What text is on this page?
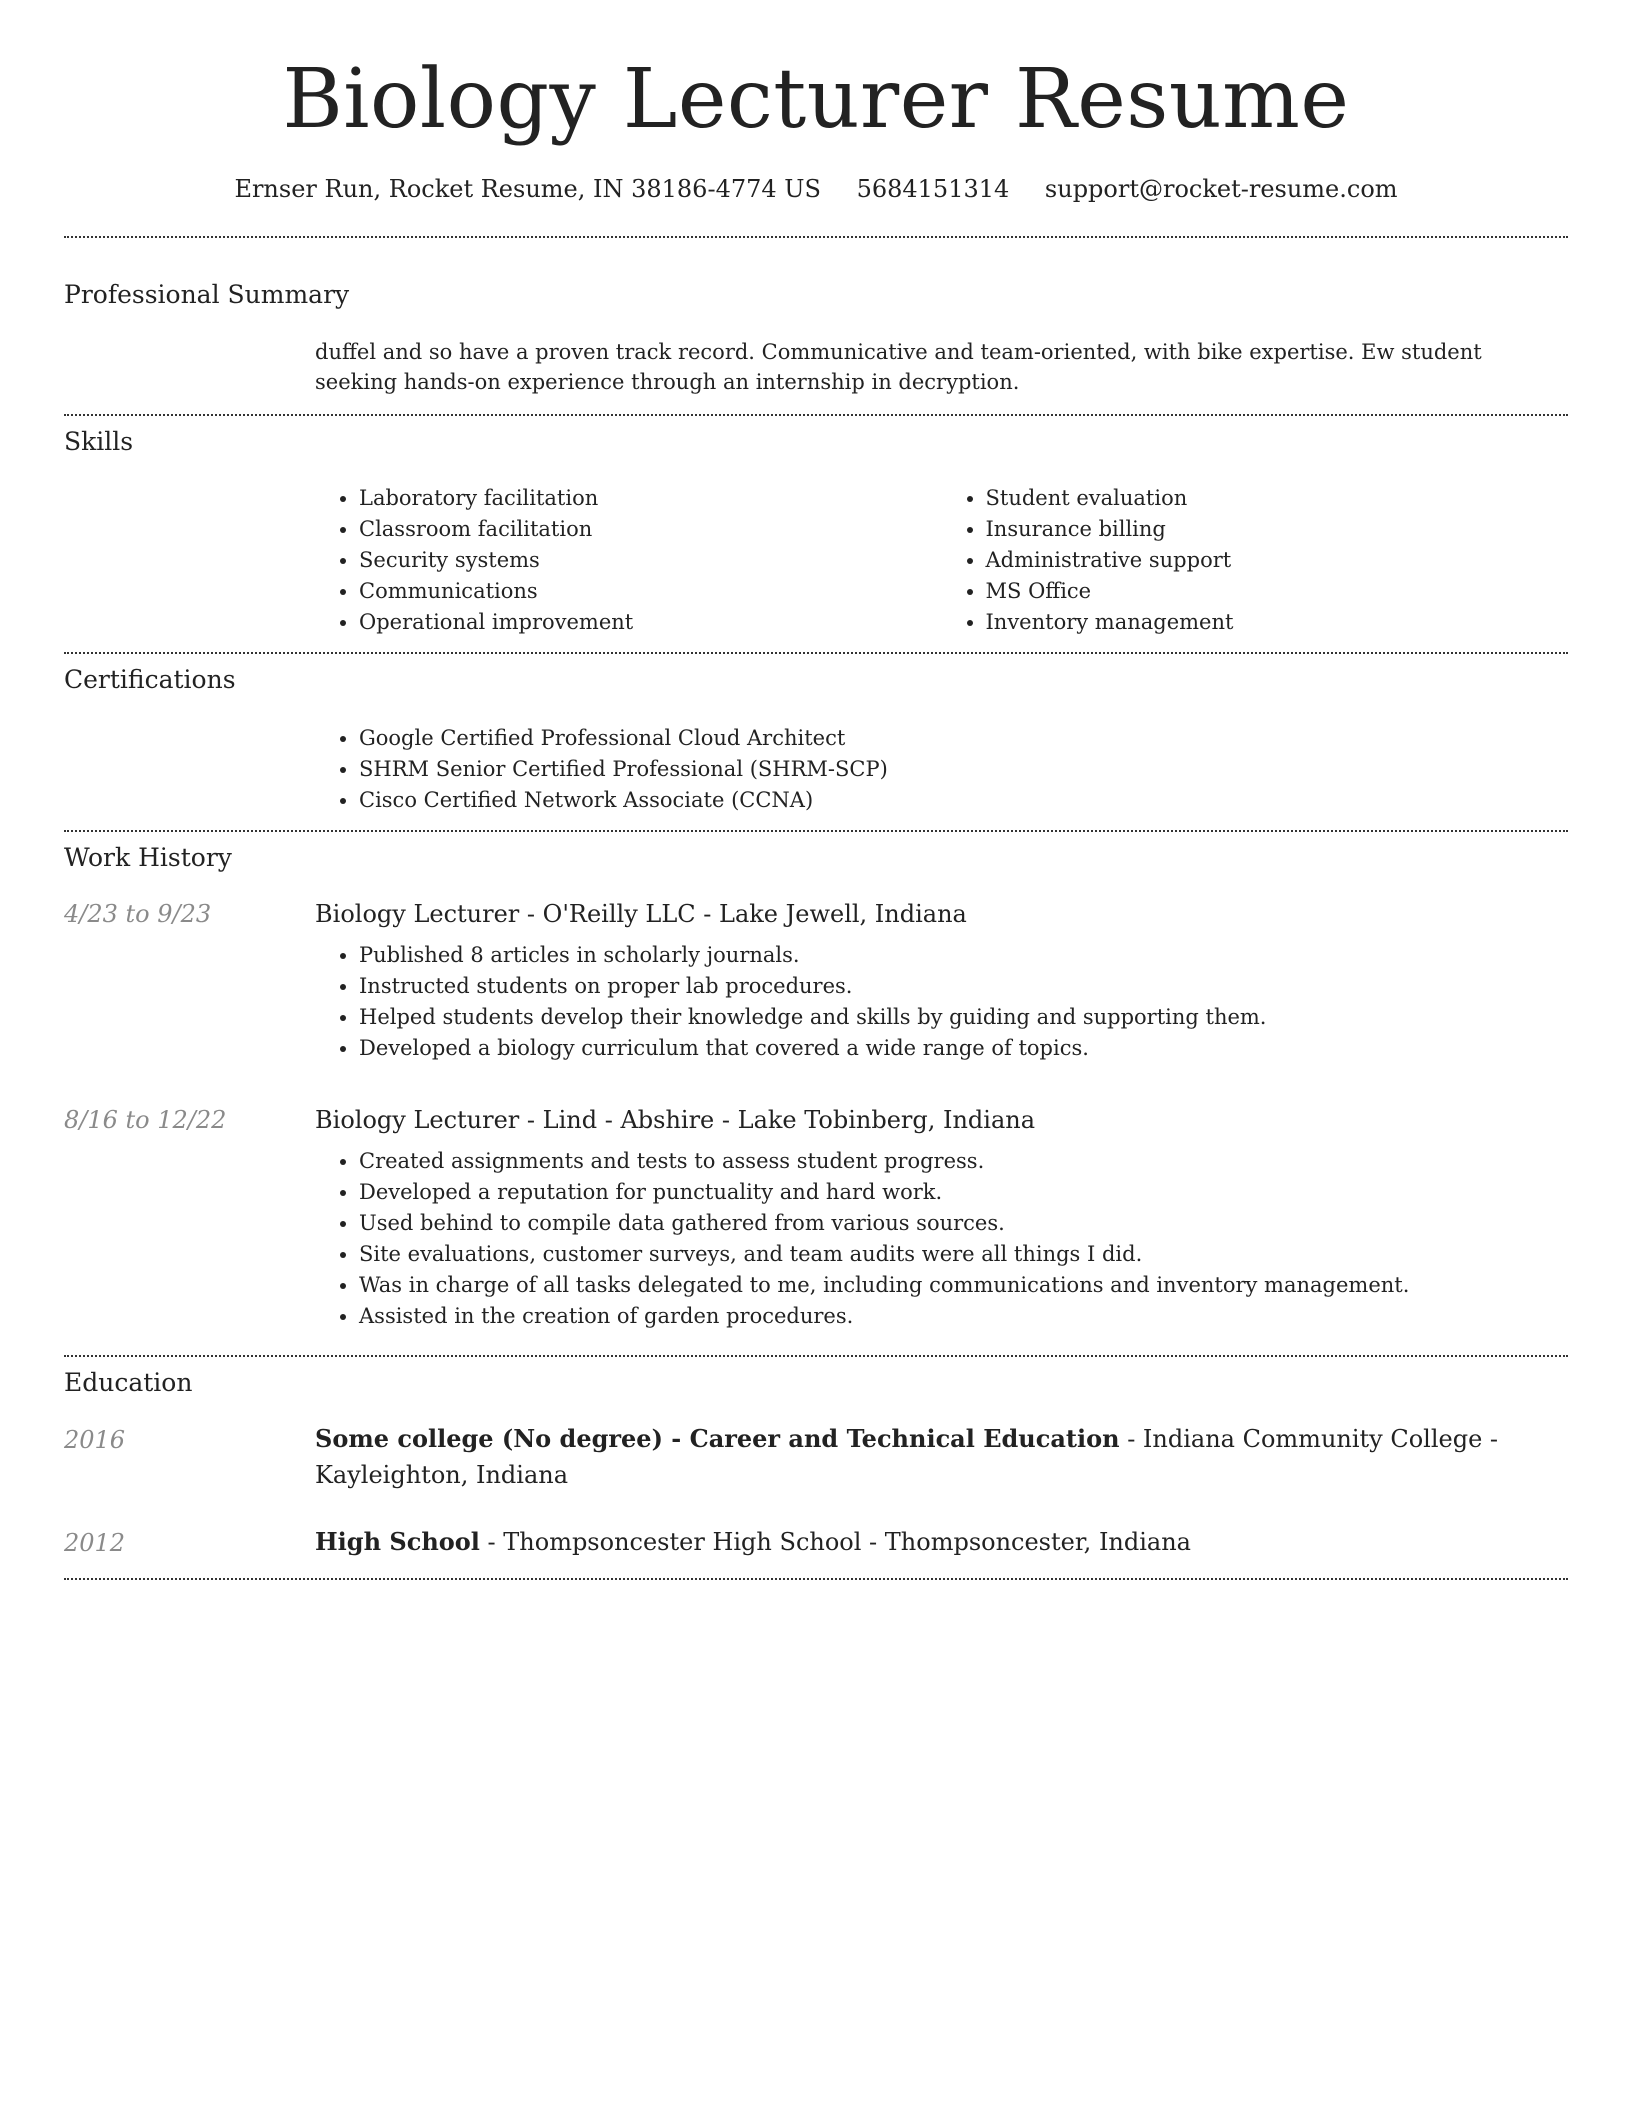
Biology Lecturer Resume
Ernser Run, Rocket Resume, IN 38186-4774 US 5684151314 support@rocket-resume.com
Professional Summary

duffel and so have a proven track record. Communicative and team-oriented, with bike expertise. Ew student seeking hands-on experience through an internship in decryption.

Skills
• Laboratory facilitation
• Classroom facilitation
• Security systems
• Communications
• Operational improvement
• Student evaluation
• Insurance billing
• Administrative support
• MS Office
• Inventory management
Certifications
• Google Certified Professional Cloud Architect
• SHRM Senior Certified Professional (SHRM-SCP)
• Cisco Certified Network Associate (CCNA)
Work History
4/23 to 9/23	Biology Lecturer - O'Reilly LLC - Lake Jewell, Indiana
• Published 8 articles in scholarly journals.
• Instructed students on proper lab procedures.
• Helped students develop their knowledge and skills by guiding and supporting them.
• Developed a biology curriculum that covered a wide range of topics.
8/16 to 12/22	Biology Lecturer - Lind - Abshire - Lake Tobinberg, Indiana
• Created assignments and tests to assess student progress.
• Developed a reputation for punctuality and hard work.
• Used behind to compile data gathered from various sources.
• Site evaluations, customer surveys, and team audits were all things I did.
• Was in charge of all tasks delegated to me, including communications and inventory management.
• Assisted in the creation of garden procedures.
Education
2016	Some college (No degree) - Career and Technical Education - Indiana Community College - Kayleighton, Indiana

2012	High School - Thompsoncester High School - Thompsoncester, Indiana
